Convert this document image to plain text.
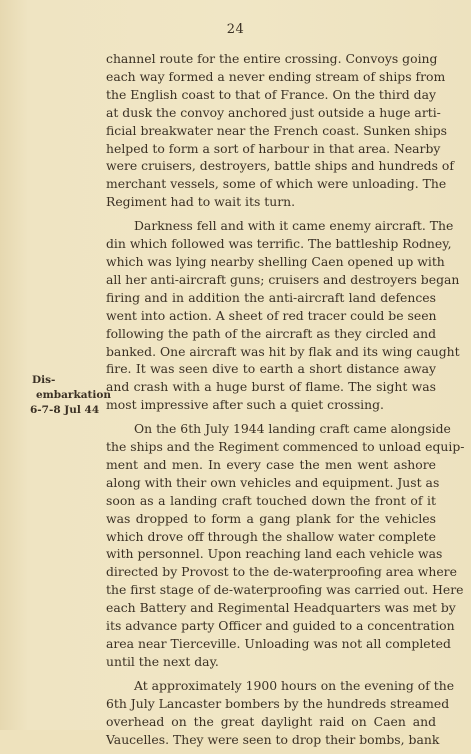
24
Dis-
embarkation
6-7-8 Jul 44
channel route for the entire crossing. Convoys going
each way formed a never ending stream of ships from
the English coast to that of France. On the third day
at dusk the convoy anchored just outside a huge arti-
ficial breakwater near the French coast. Sunken ships
helped to form a sort of harbour in that area. Nearby
were cruisers, destroyers, battle ships and hundreds of
merchant vessels, some of which were unloading. The
Regiment had to wait its turn.
Darkness fell and with it came enemy aircraft. The
din which followed was terrific. The battleship Rodney,
which was lying nearby shelling Caen opened up with
all her anti-aircraft guns; cruisers and destroyers began
firing and in addition the anti-aircraft land defences
went into action. A sheet of red tracer could be seen
following the path of the aircraft as they circled and
banked. One aircraft was hit by flak and its wing caught
fire. It was seen dive to earth a short distance away
and crash with a huge burst of flame. The sight was
most impressive after such a quiet crossing.
On the 6th July 1944 landing craft came alongside
the ships and the Regiment commenced to unload equip-
ment and men. In every case the men went ashore
along with their own vehicles and equipment. Just as
soon as a landing craft touched down the front of it
was dropped to form a gang plank for the vehicles
which drove off through the shallow water complete
with personnel. Upon reaching land each vehicle was
directed by Provost to the de-waterproofing area where
the first stage of de-waterproofing was carried out. Here
each Battery and Regimental Headquarters was met by
its advance party Officer and guided to a concentration
area near Tierceville. Unloading was not all completed
until the next day.
At approximately 1900 hours on the evening of the
6th July Lancaster bombers by the hundreds streamed
overhead on the great daylight raid on Caen and
Vaucelles. They were seen to drop their bombs, bank
